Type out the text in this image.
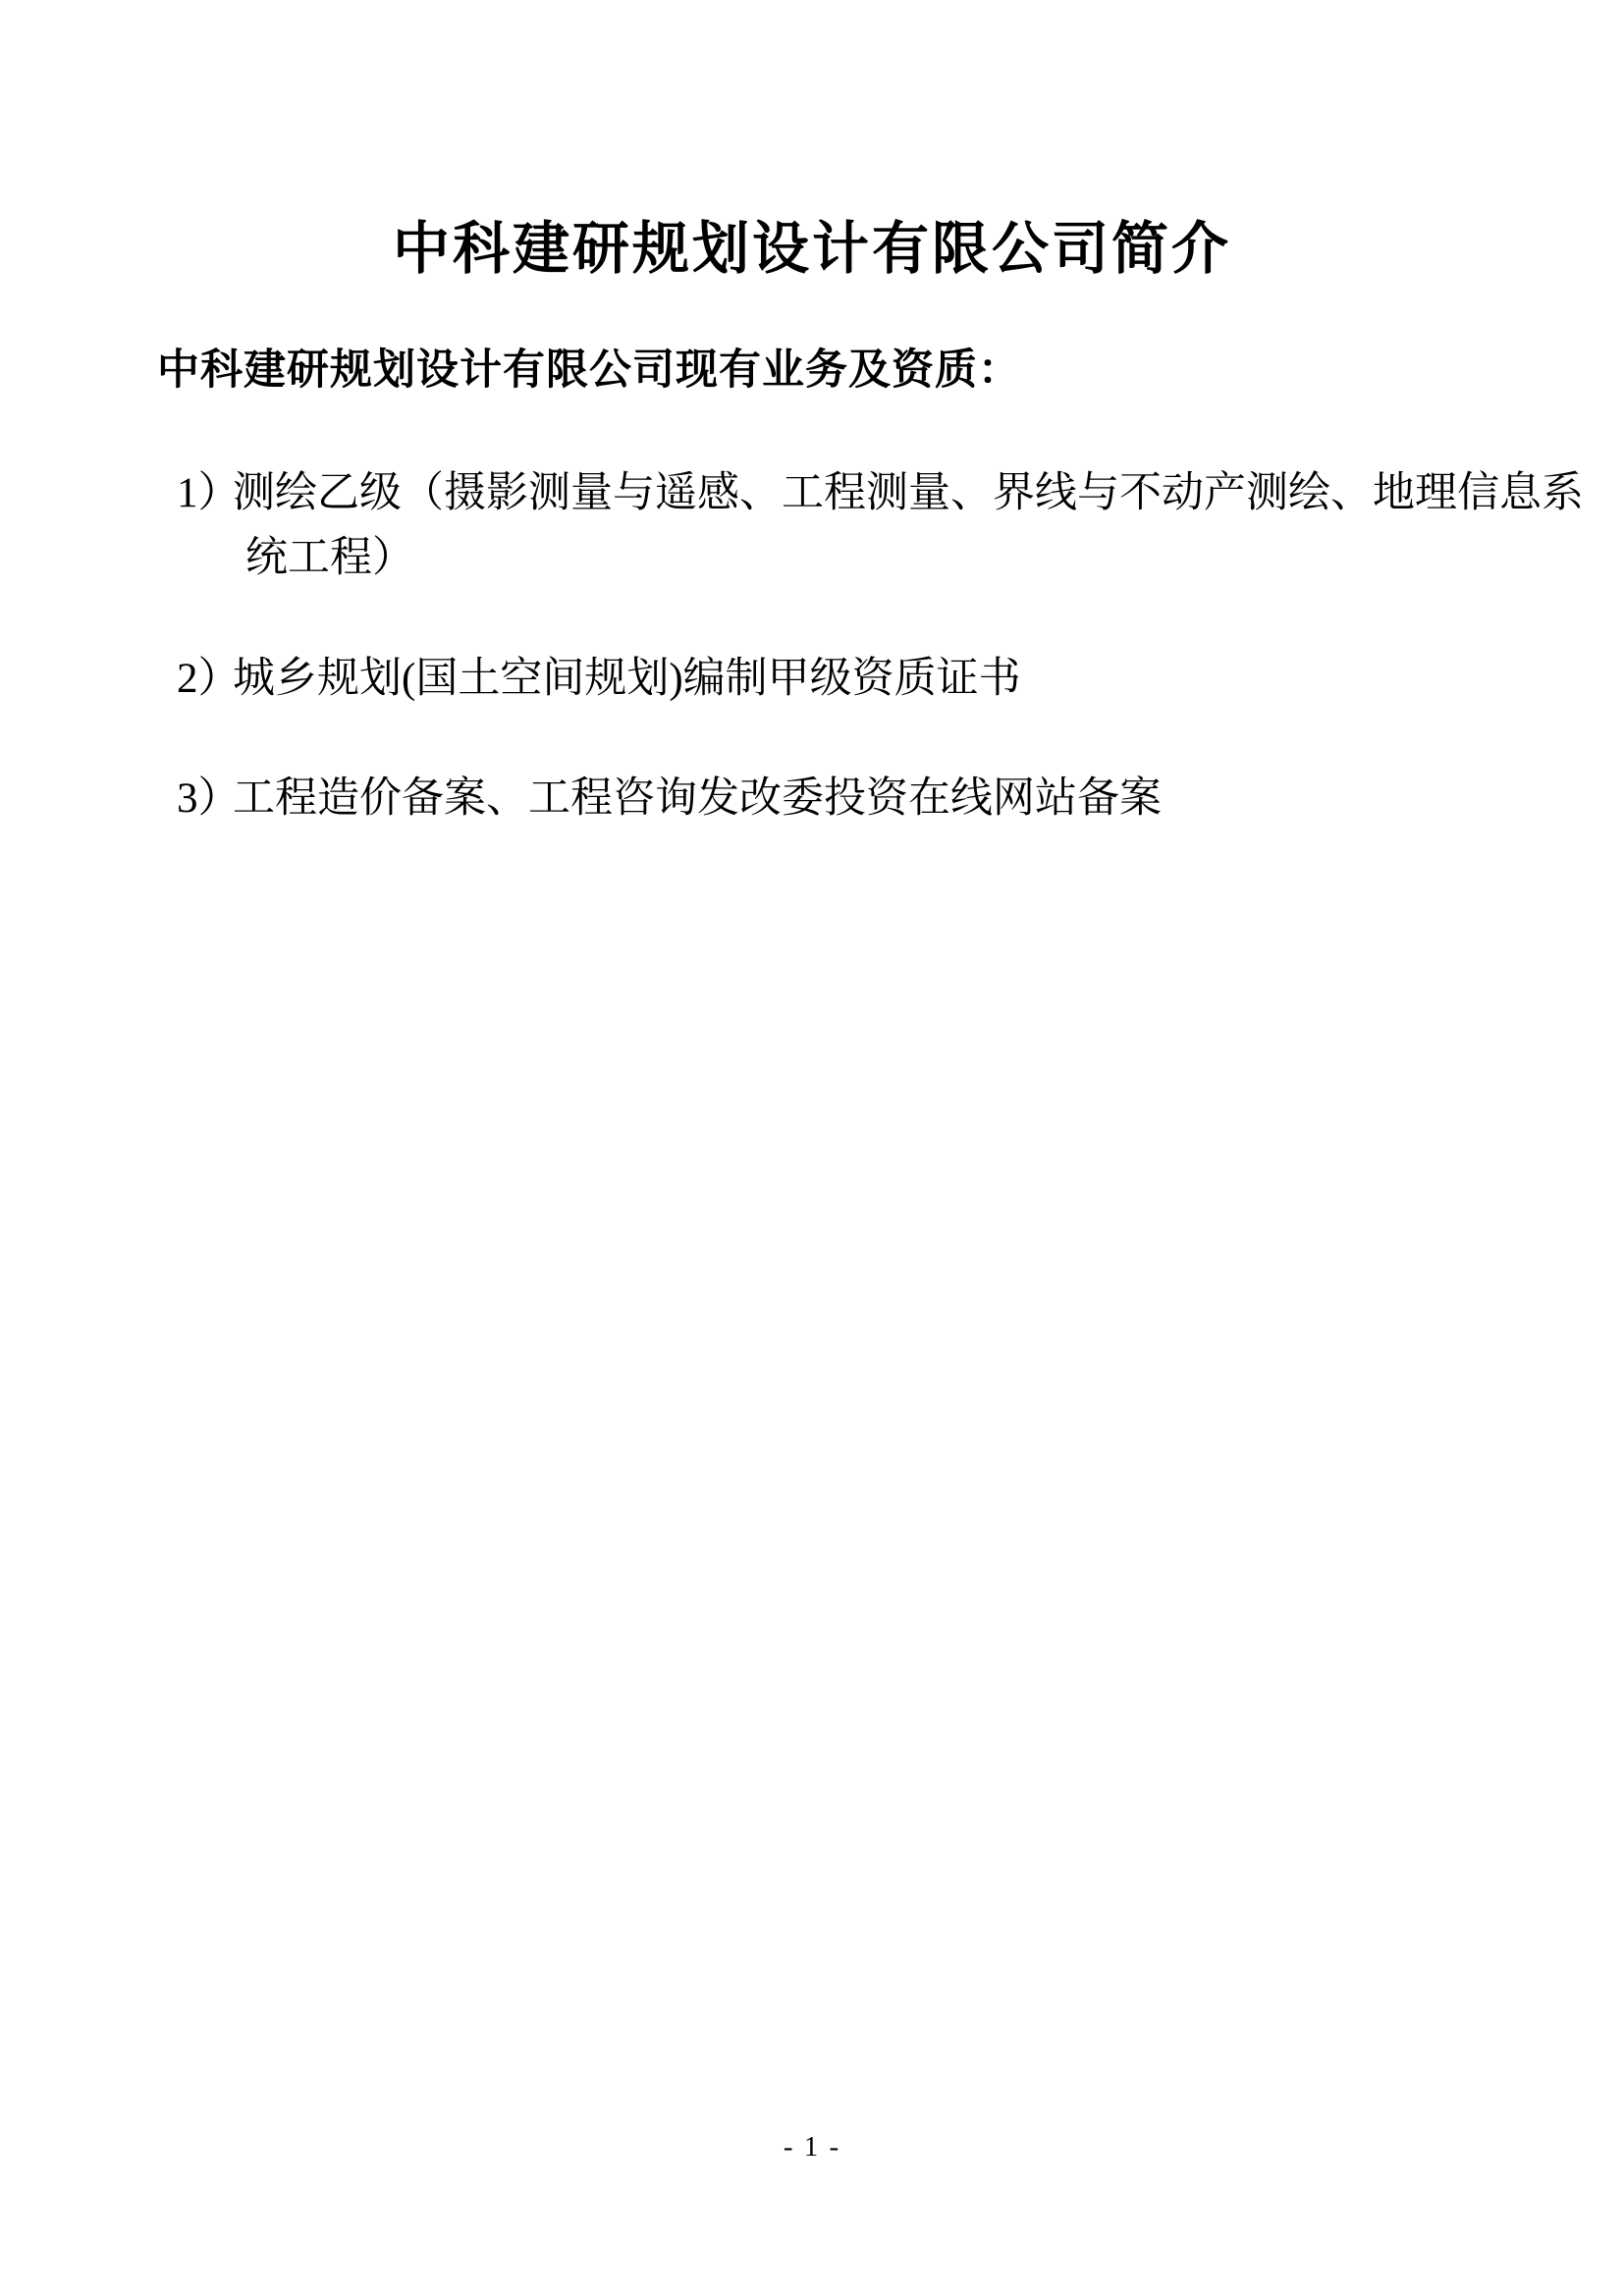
中科建研规划设计有限公司简介

中科建研规划设计有限公司现有业务及资质：

1）测绘乙级（摄影测量与遥感、工程测量、界线与不动产测绘、地理信息系
统工程）
2）城乡规划(国土空间规划)编制甲级资质证书
3）工程造价备案、工程咨询发改委投资在线网站备案
- 1 -
